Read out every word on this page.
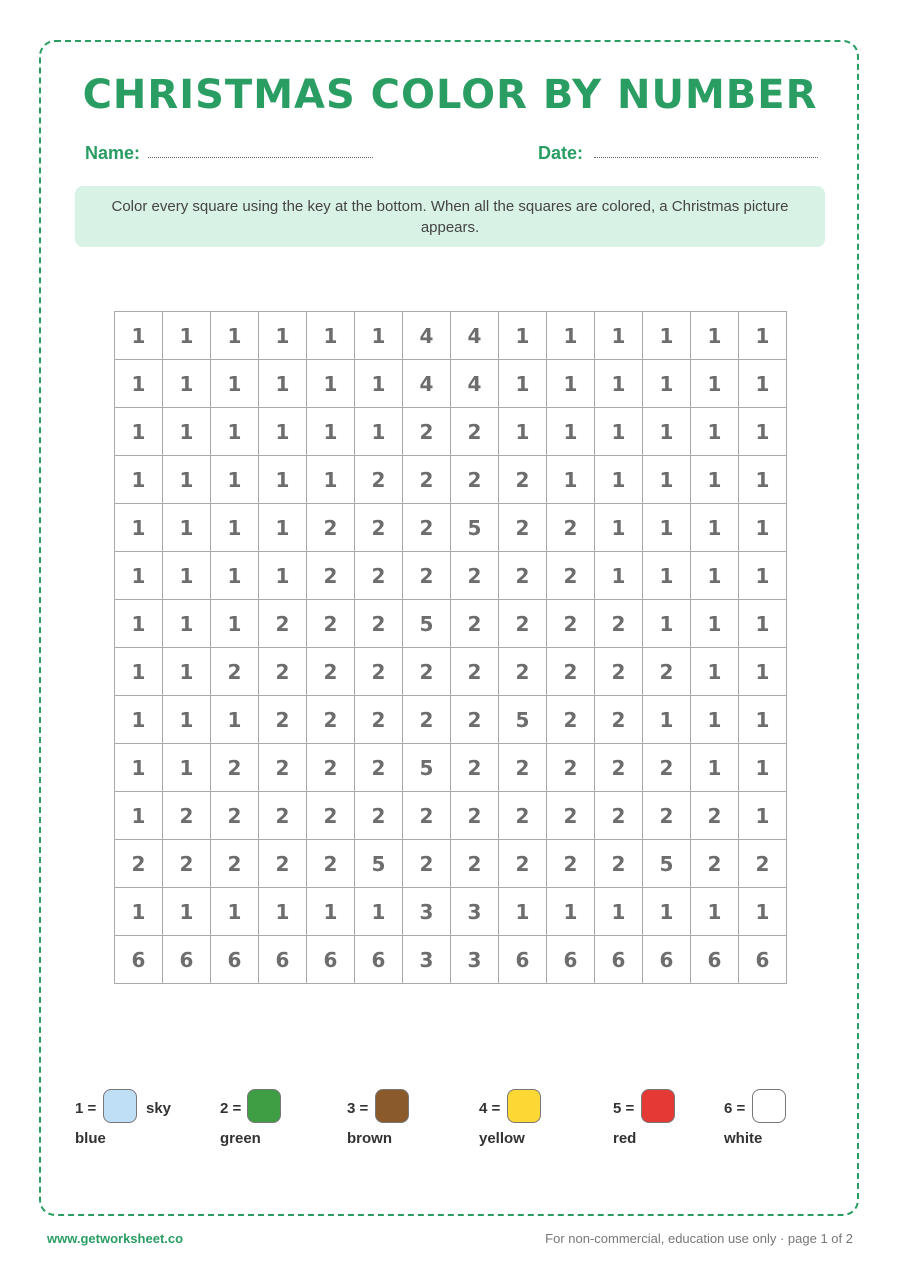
CHRISTMAS COLOR BY NUMBER
Name:	Date:
Color every square using the key at the bottom. When all the squares are colored, a Christmas picture appears.
1	1	1	1	1	1	4	4	1	1	1	1	1	1
1	1	1	1	1	1	4	4	1	1	1	1	1	1
1	1	1	1	1	1	2	2	1	1	1	1	1	1
1	1	1	1	1	2	2	2	2	1	1	1	1	1
1	1	1	1	2	2	2	5	2	2	1	1	1	1
1	1	1	1	2	2	2	2	2	2	1	1	1	1
1	1	1	2	2	2	5	2	2	2	2	1	1	1
1	1	2	2	2	2	2	2	2	2	2	2	1	1
1	1	1	2	2	2	2	2	5	2	2	1	1	1
1	1	2	2	2	2	5	2	2	2	2	2	1	1
1	2	2	2	2	2	2	2	2	2	2	2	2	1
2	2	2	2	2	5	2	2	2	2	2	5	2	2
1	1	1	1	1	1	3	3	1	1	1	1	1	1
6	6	6	6	6	6	3	3	6	6	6	6	6	6
1 =	sky
blue
2 =
green
3 =
brown
4 =
yellow
5 =
red
6 =
white
www.getworksheet.co	For non-commercial, education use only · page 1 of 2
